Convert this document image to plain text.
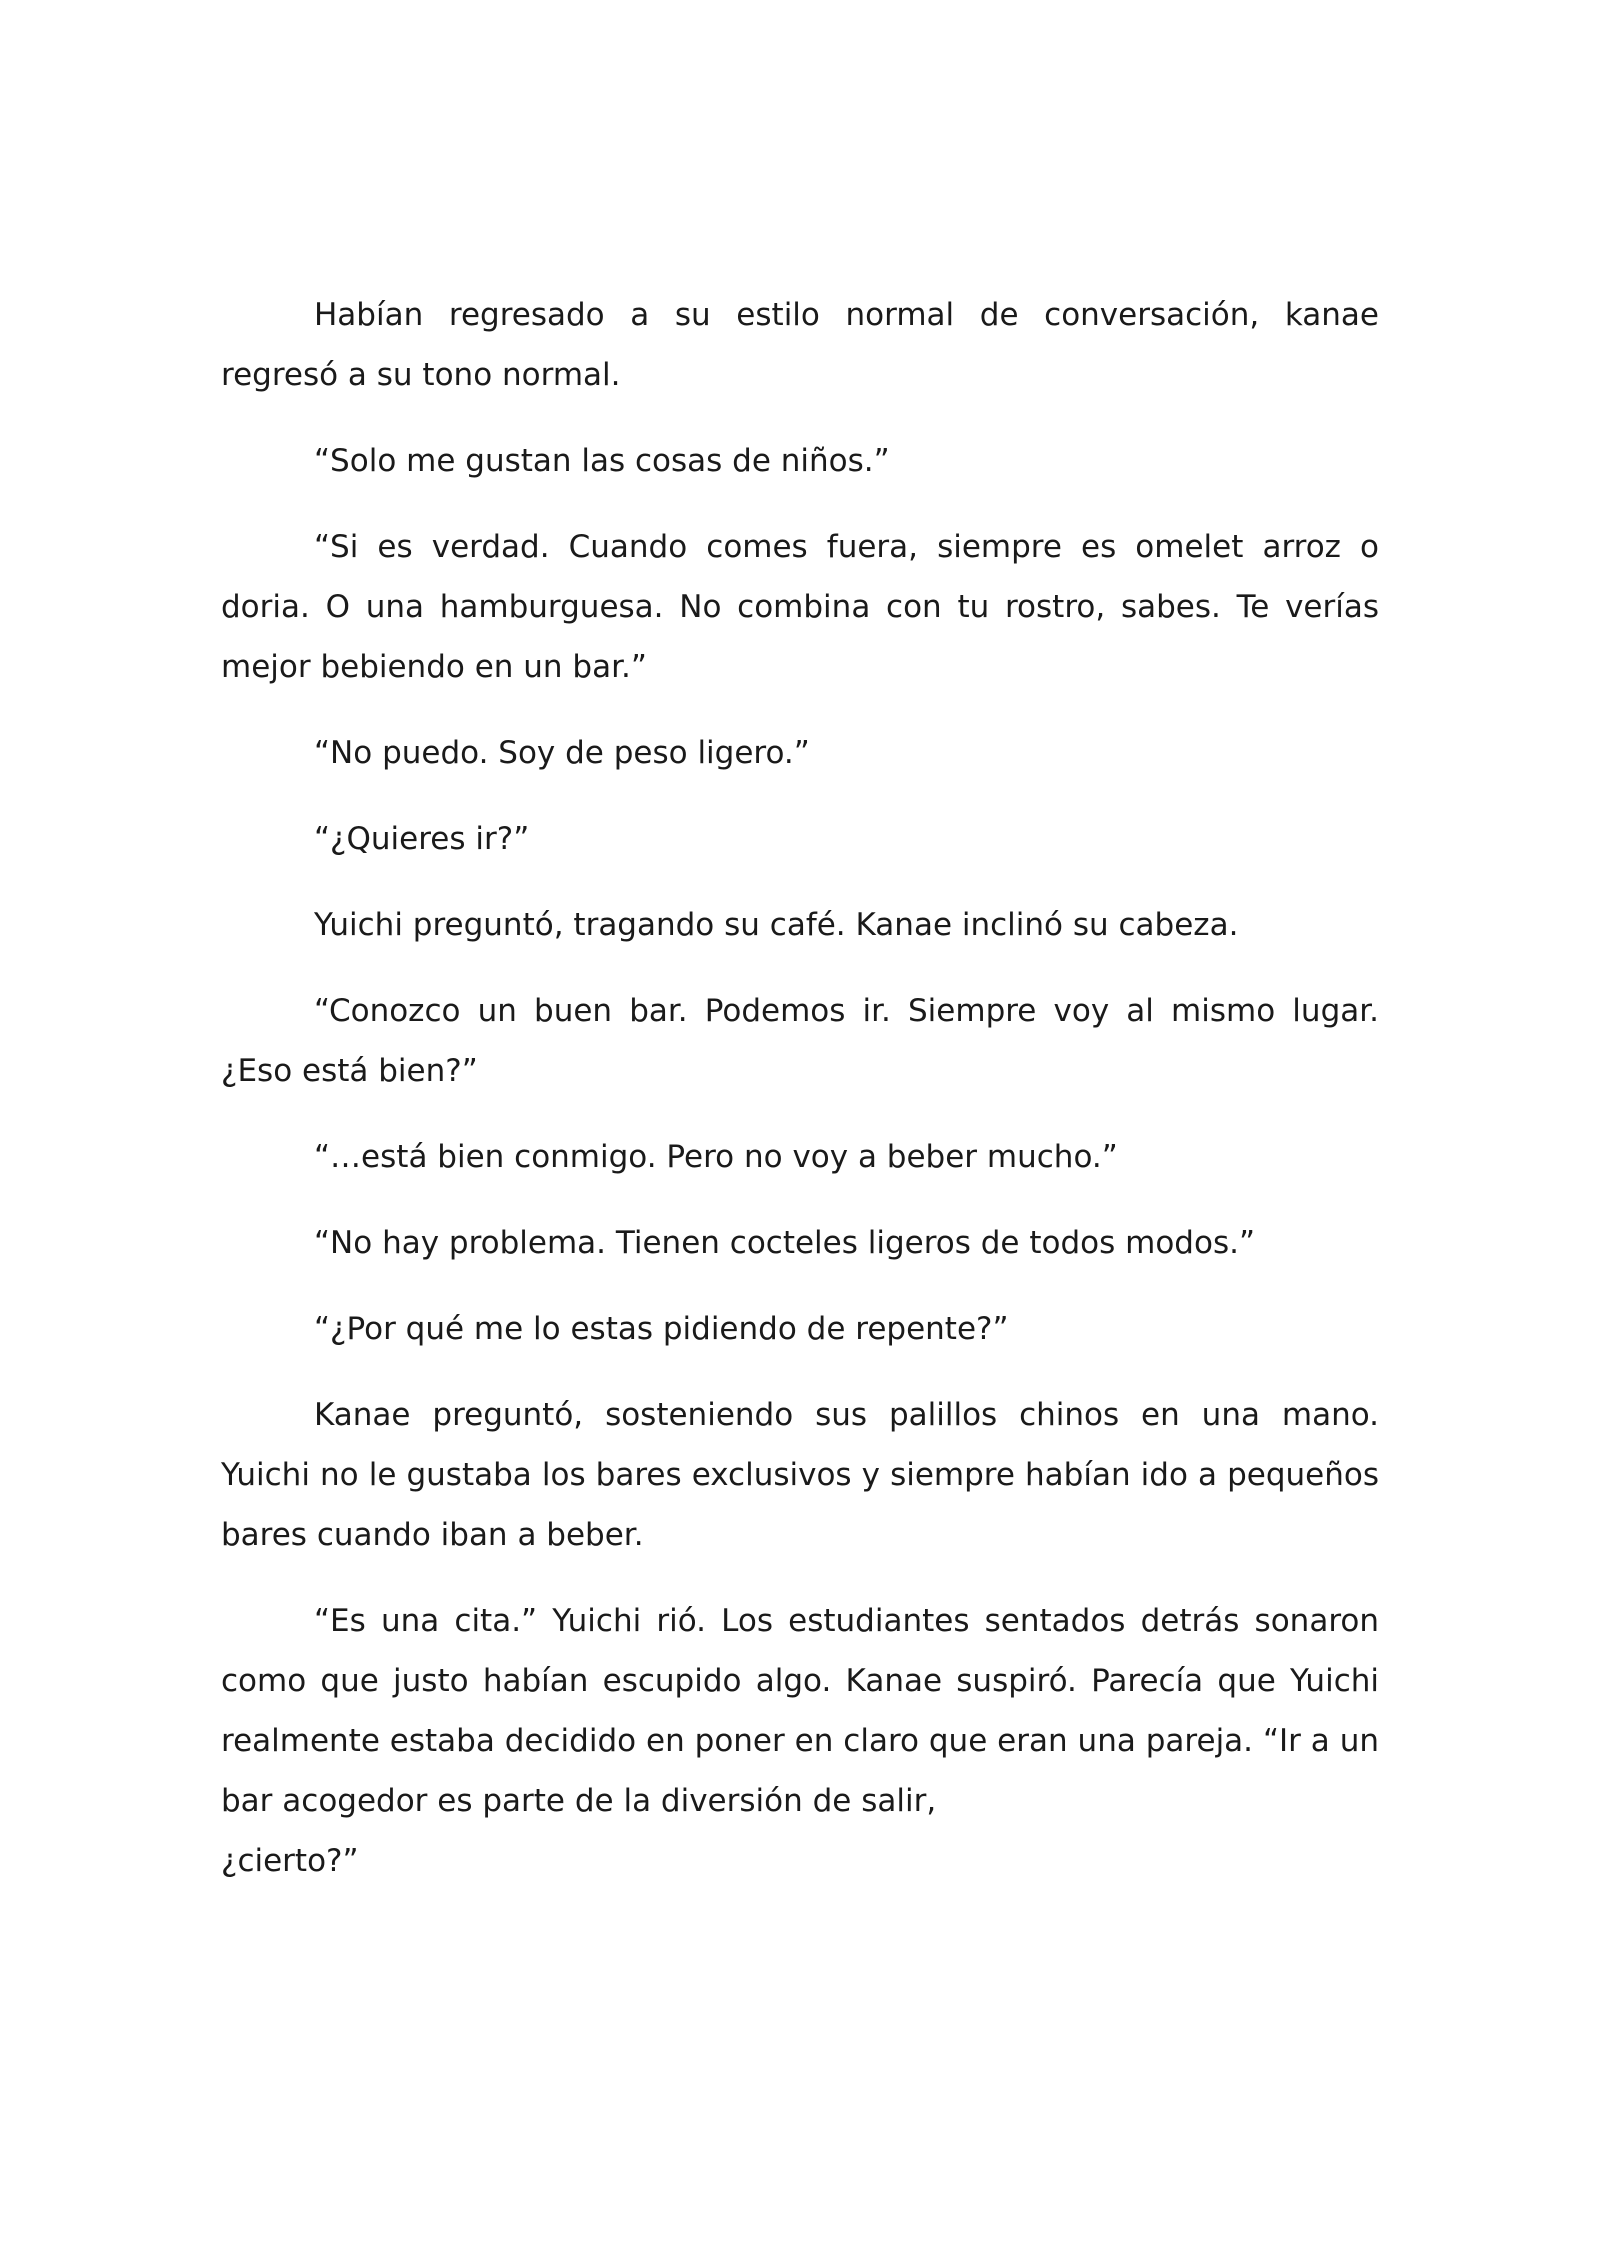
Habían regresado a su estilo normal de conversación, kanae regresó a su tono normal.

“Solo me gustan las cosas de niños.”

“Si es verdad. Cuando comes fuera, siempre es omelet arroz o doria. O una hamburguesa. No combina con tu rostro, sabes. Te verías mejor bebiendo en un bar.”

“No puedo. Soy de peso ligero.”

“¿Quieres ir?”

Yuichi preguntó, tragando su café. Kanae inclinó su cabeza.

“Conozco un buen bar. Podemos ir. Siempre voy al mismo lugar. ¿Eso está bien?”

“…está bien conmigo. Pero no voy a beber mucho.”

“No hay problema. Tienen cocteles ligeros de todos modos.”

“¿Por qué me lo estas pidiendo de repente?”

Kanae preguntó, sosteniendo sus palillos chinos en una mano. Yuichi no le gustaba los bares exclusivos y siempre habían ido a pequeños bares cuando iban a beber.

“Es una cita.” Yuichi rió. Los estudiantes sentados detrás sonaron como que justo habían escupido algo. Kanae suspiró. Parecía que Yuichi realmente estaba decidido en poner en claro que eran una pareja. “Ir a un bar acogedor es parte de la diversión de salir,

¿cierto?”
